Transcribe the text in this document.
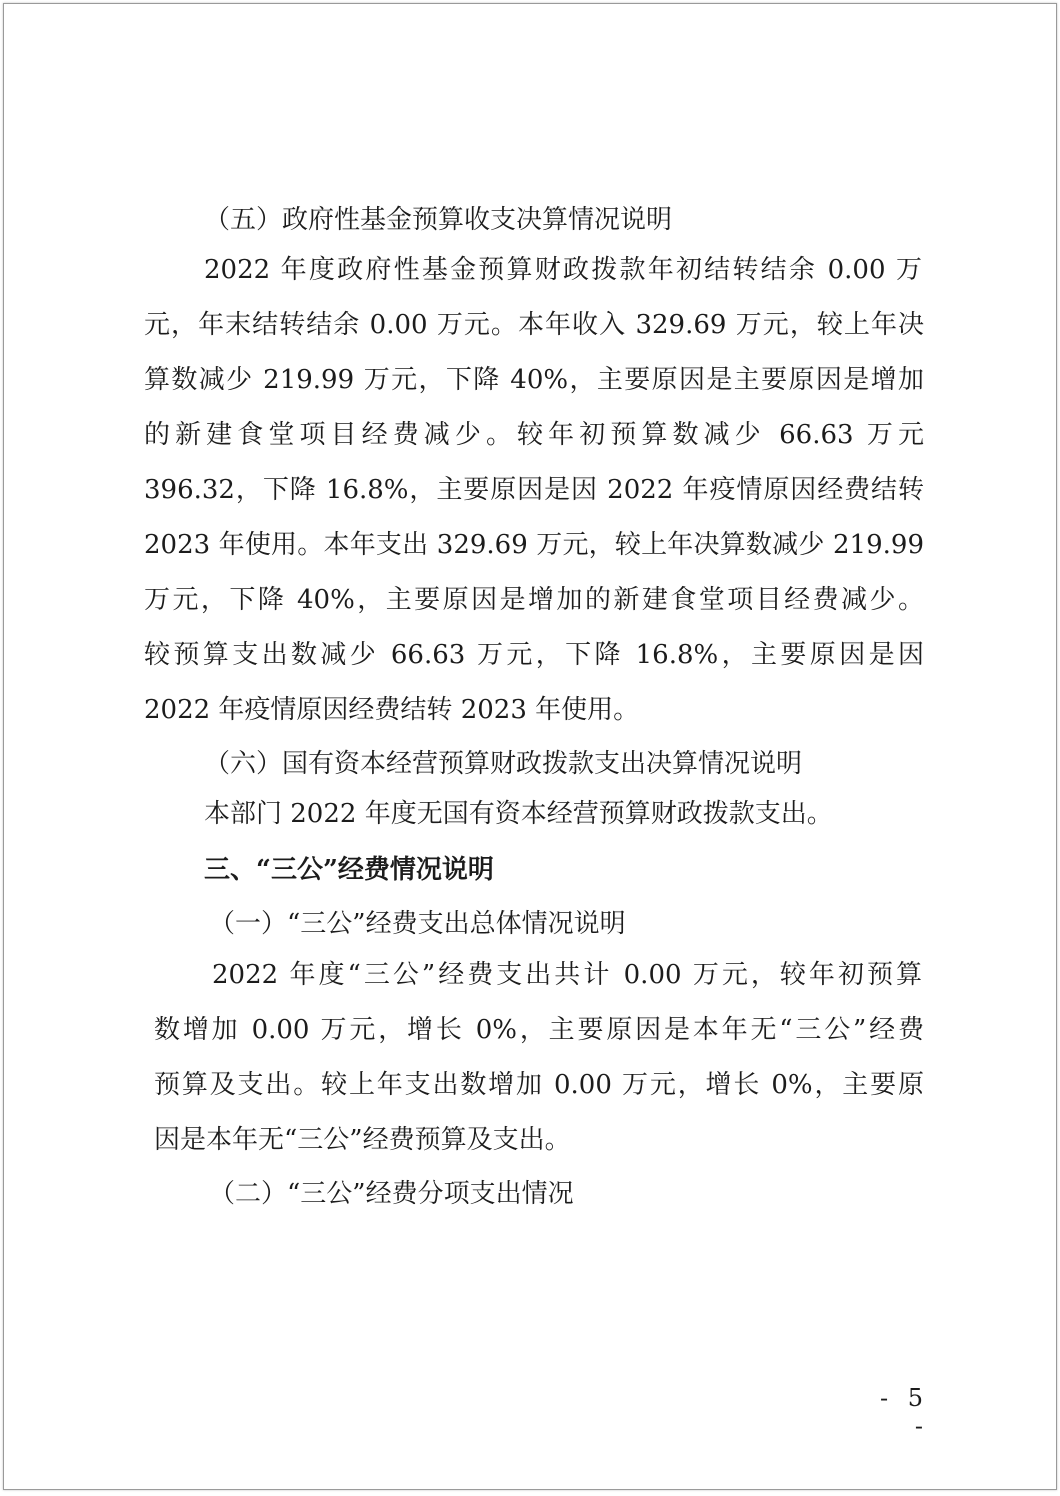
（五）政府性基金预算收支决算情况说明
2022 年度政府性基金预算财政拨款年初结转结余 0.00 万
元，年末结转结余 0.00 万元。本年收入 329.69 万元，较上年决
算数减少 219.99 万元，下降 40%，主要原因是主要原因是增加
的新建食堂项目经费减少。较年初预算数减少 66.63 万元
396.32，下降 16.8%，主要原因是因 2022 年疫情原因经费结转
2023 年使用。本年支出 329.69 万元，较上年决算数减少 219.99
万元，下降 40%，主要原因是增加的新建食堂项目经费减少。
较预算支出数减少 66.63 万元，下降 16.8%，主要原因是因
2022 年疫情原因经费结转 2023 年使用。
（六）国有资本经营预算财政拨款支出决算情况说明
本部门 2022 年度无国有资本经营预算财政拨款支出。
三、“三公”经费情况说明
（一）“三公”经费支出总体情况说明
2022 年度“三公”经费支出共计 0.00 万元，较年初预算
数增加 0.00 万元，增长 0%，主要原因是本年无“三公”经费
预算及支出。较上年支出数增加 0.00 万元，增长 0%，主要原
因是本年无“三公”经费预算及支出。
（二）“三公”经费分项支出情况
- 5 -
